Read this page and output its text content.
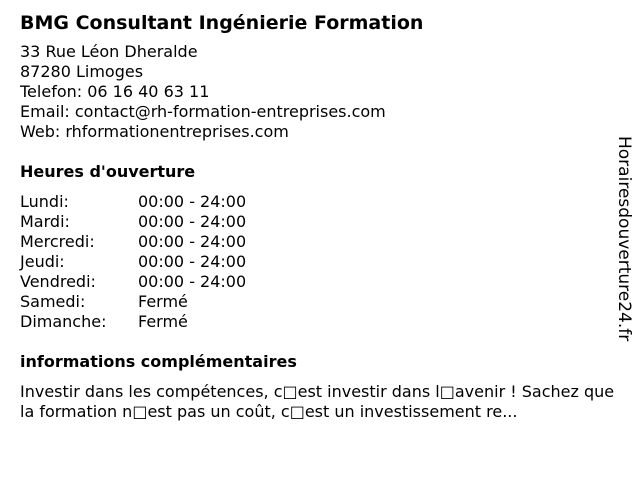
BMG Consultant Ingénierie Formation
33 Rue Léon Dheralde
87280 Limoges
Telefon: 06 16 40 63 11
Email: contact@rh-formation-entreprises.com
Web: rhformationentreprises.com
Heures d'ouverture
Lundi:	00:00 - 24:00
Mardi:	00:00 - 24:00
Mercredi:	00:00 - 24:00
Jeudi:	00:00 - 24:00
Vendredi:	00:00 - 24:00
Samedi:	Fermé
Dimanche:	Fermé
informations complémentaires
Investir dans les compétences, c□est investir dans l□avenir ! Sachez que la formation n□est pas un coût, c□est un investissement re...
Horairesdouverture24.fr
